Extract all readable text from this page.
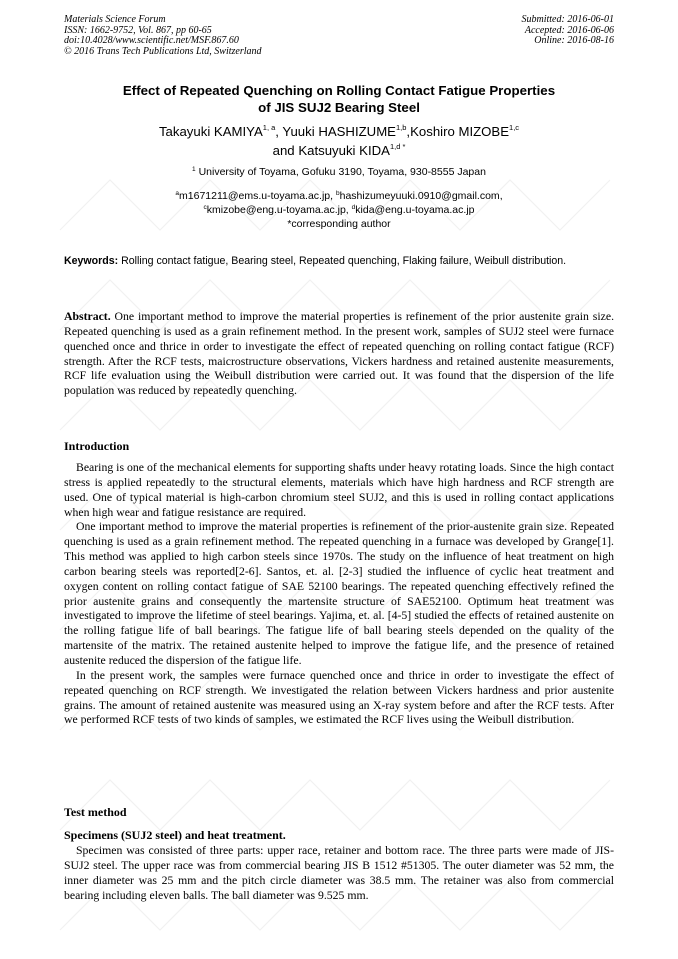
Materials Science Forum
ISSN: 1662-9752, Vol. 867, pp 60-65
doi:10.4028/www.scientific.net/MSF.867.60
© 2016 Trans Tech Publications Ltd, Switzerland
Submitted: 2016-06-01
Accepted: 2016-06-06
Online: 2016-08-16
Effect of Repeated Quenching on Rolling Contact Fatigue Properties
of JIS SUJ2 Bearing Steel
Takayuki KAMIYA$^{1, a}$, Yuuki HASHIZUME$^{1,b}$,Koshiro MIZOBE$^{1,c}$
and Katsuyuki $KIDA^{1,d *}$
$^1$ University of Toyama, Gofuku 3190, Toyama, 930-8555 Japan
$^a$m1671211@ems.u-toyama.ac.jp, $^b$hashizumeyuuki.0910@gmail.com,
$^c$kmizobe@eng.u-toyama.ac.jp, $^d$kida@eng.u-toyama.ac.jp
*corresponding author
Keywords: Rolling contact fatigue, Bearing steel, Repeated quenching, Flaking failure, Weibull distribution.
Abstract. One important method to improve the material properties is refinement of the prior austenite grain size. Repeated quenching is used as a grain refinement method. In the present work, samples of SUJ2 steel were furnace quenched once and thrice in order to investigate the effect of repeated quenching on rolling contact fatigue (RCF) strength. After the RCF tests, maicrostructure observations, Vickers hardness and retained austenite measurements, RCF life evaluation using the Weibull distribution were carried out. It was found that the dispersion of the life population was reduced by repeatedly quenching.
Introduction

Bearing is one of the mechanical elements for supporting shafts under heavy rotating loads. Since the high contact stress is applied repeatedly to the structural elements, materials which have high hardness and RCF strength are used. One of typical material is high-carbon chromium steel SUJ2, and this is used in rolling contact applications when high wear and fatigue resistance are required.

One important method to improve the material properties is refinement of the prior-austenite grain size. Repeated quenching is used as a grain refinement method. The repeated quenching in a furnace was developed by Grange[1]. This method was applied to high carbon steels since 1970s. The study on the influence of heat treatment on high carbon bearing steels was reported[2-6]. Santos, et. al. [2-3] studied the influence of cyclic heat treatment and oxygen content on rolling contact fatigue of SAE 52100 bearings. The repeated quenching effectively refined the prior austenite grains and consequently the martensite structure of SAE52100. Optimum heat treatment was investigated to improve the lifetime of steel bearings. Yajima, et. al. [4-5] studied the effects of retained austenite on the rolling fatigue life of ball bearings. The fatigue life of ball bearing steels depended on the quality of the martensite of the matrix. The retained austenite helped to improve the fatigue life, and the presence of retained austenite reduced the dispersion of the fatigue life.

In the present work, the samples were furnace quenched once and thrice in order to investigate the effect of repeated quenching on RCF strength. We investigated the relation between Vickers hardness and prior austenite grains. The amount of retained austenite was measured using an X-ray system before and after the RCF tests. After we performed RCF tests of two kinds of samples, we estimated the RCF lives using the Weibull distribution.

Test method
Specimens (SUJ2 steel) and heat treatment.

Specimen was consisted of three parts: upper race, retainer and bottom race. The three parts were made of JIS-SUJ2 steel. The upper race was from commercial bearing JIS B 1512 #51305. The outer diameter was 52 mm, the inner diameter was 25 mm and the pitch circle diameter was 38.5 mm. The retainer was also from commercial bearing including eleven balls. The ball diameter was 9.525 mm.
